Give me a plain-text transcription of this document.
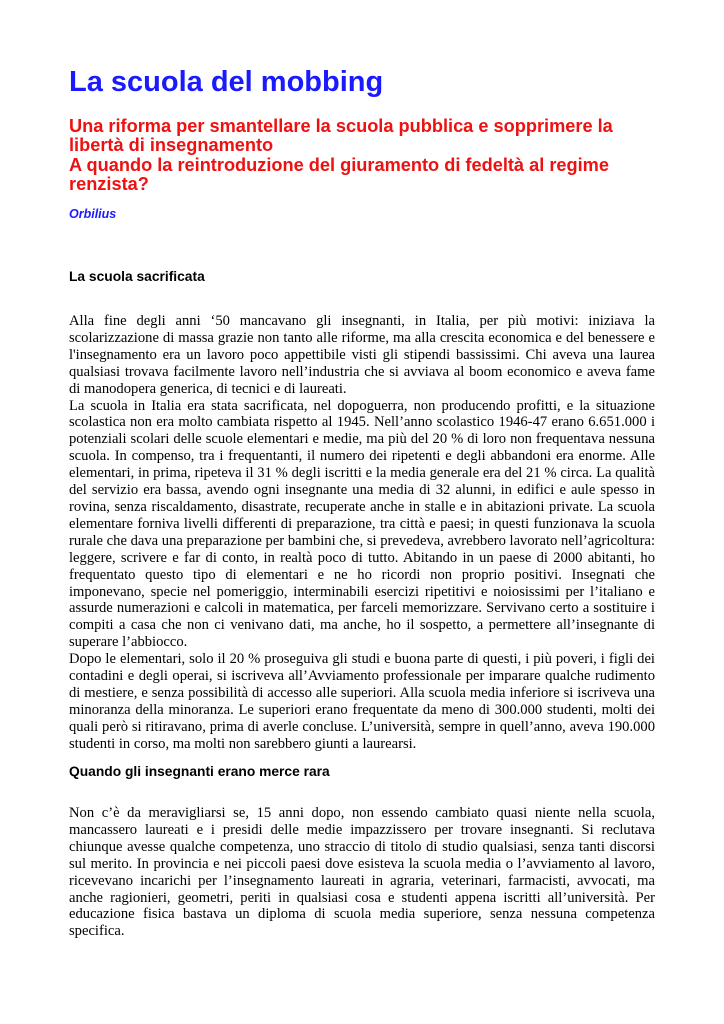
La scuola del mobbing
Una riforma per smantellare la scuola pubblica e sopprimere la libertà di insegnamento
A quando la reintroduzione del giuramento di fedeltà al regime renzista?

Orbilius

La scuola sacrificata

Alla fine degli anni ‘50 mancavano gli insegnanti, in Italia, per più motivi: iniziava la scolarizzazione di massa grazie non tanto alle riforme, ma alla crescita economica e del benessere e l'insegnamento era un lavoro poco appettibile visti gli stipendi bassissimi. Chi aveva una laurea qualsiasi trovava facilmente lavoro nell’industria che si avviava al boom economico e aveva fame di manodopera generica, di tecnici e di laureati.

La scuola in Italia era stata sacrificata, nel dopoguerra, non producendo profitti, e la situazione scolastica non era molto cambiata rispetto al 1945. Nell’anno scolastico 1946-47 erano 6.651.000 i potenziali scolari delle scuole elementari e medie, ma più del 20 % di loro non frequentava nessuna scuola. In compenso, tra i frequentanti, il numero dei ripetenti e degli abbandoni era enorme. Alle elementari, in prima, ripeteva il 31 % degli iscritti e la media generale era del 21 % circa. La qualità del servizio era bassa, avendo ogni insegnante una media di 32 alunni, in edifici e aule spesso in rovina, senza riscaldamento, disastrate, recuperate anche in stalle e in abitazioni private. La scuola elementare forniva livelli differenti di preparazione, tra città e paesi; in questi funzionava la scuola rurale che dava una preparazione per bambini che, si prevedeva, avrebbero lavorato nell’agricoltura: leggere, scrivere e far di conto, in realtà poco di tutto. Abitando in un paese di 2000 abitanti, ho frequentato questo tipo di elementari e ne ho ricordi non proprio positivi. Insegnati che imponevano, specie nel pomeriggio, interminabili esercizi ripetitivi e noiosissimi per l’italiano e assurde numerazioni e calcoli in matematica, per farceli memorizzare. Servivano certo a sostituire i compiti a casa che non ci venivano dati, ma anche, ho il sospetto, a permettere all’insegnante di superare l’abbiocco.

Dopo le elementari, solo il 20 % proseguiva gli studi e buona parte di questi, i più poveri, i figli dei contadini e degli operai, si iscriveva all’Avviamento professionale per imparare qualche rudimento di mestiere, e senza possibilità di accesso alle superiori. Alla scuola media inferiore si iscriveva una minoranza della minoranza. Le superiori erano frequentate da meno di 300.000 studenti, molti dei quali però si ritiravano, prima di averle concluse. L’università, sempre in quell’anno, aveva 190.000 studenti in corso, ma molti non sarebbero giunti a laurearsi.

Quando gli insegnanti erano merce rara

Non c’è da meravigliarsi se, 15 anni dopo, non essendo cambiato quasi niente nella scuola, mancassero laureati e i presidi delle medie impazzissero per trovare insegnanti. Si reclutava chiunque avesse qualche competenza, uno straccio di titolo di studio qualsiasi, senza tanti discorsi sul merito. In provincia e nei piccoli paesi dove esisteva la scuola media o l’avviamento al lavoro, ricevevano incarichi per l’insegnamento laureati in agraria, veterinari, farmacisti, avvocati, ma anche ragionieri, geometri, periti in qualsiasi cosa e studenti appena iscritti all’università. Per educazione fisica bastava un diploma di scuola media superiore, senza nessuna competenza specifica.
